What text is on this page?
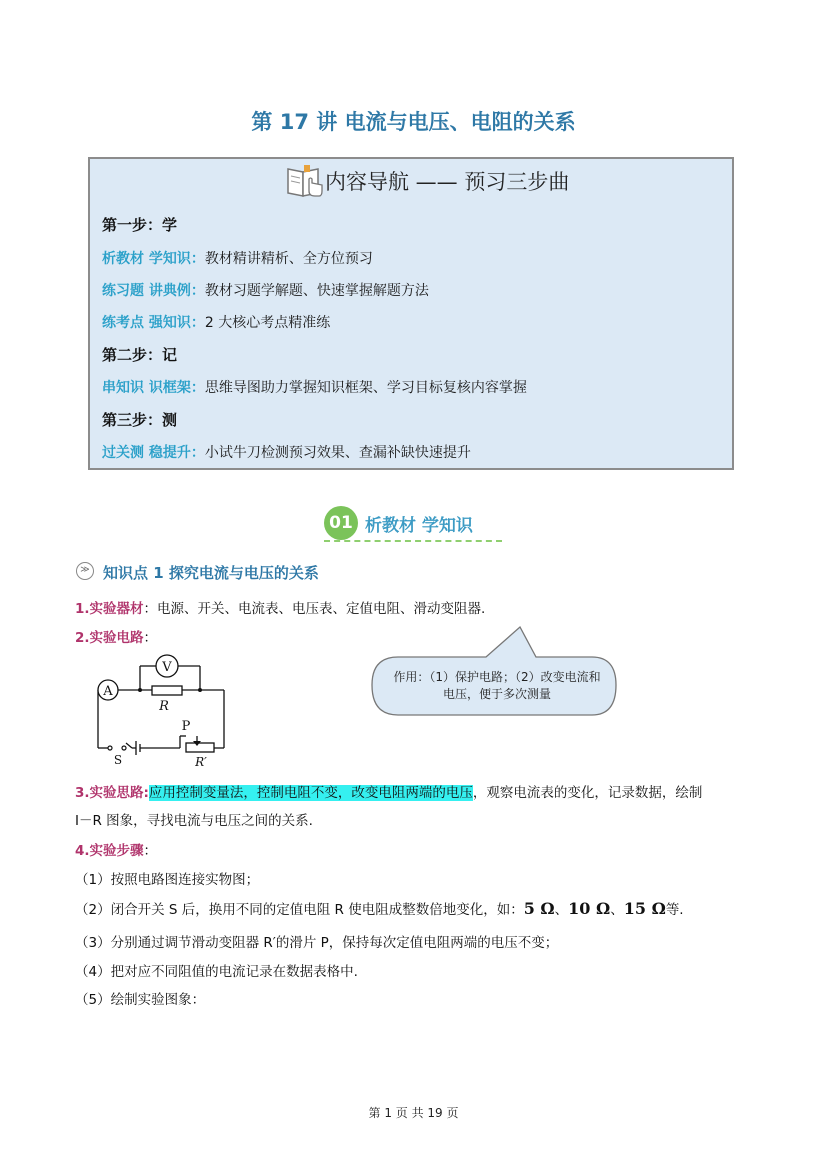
第 17 讲 电流与电压、电阻的关系
内容导航 —— 预习三步曲
第一步：学
析教材 学知识：教材精讲精析、全方位预习
练习题 讲典例：教材习题学解题、快速掌握解题方法
练考点 强知识：2 大核心考点精准练
第二步：记
串知识 识框架：思维导图助力掌握知识框架、学习目标复核内容掌握
第三步：测
过关测 稳提升：小试牛刀检测预习效果、查漏补缺快速提升
01 析教材 学知识
≫ 知识点 1 探究电流与电压的关系
1.实验器材：电源、开关、电流表、电压表、定值电阻、滑动变阻器.
2.实验电路：
A
V
R
P
R′
S
作用：（1）保护电路；（2）改变电流和电压，便于多次测量
3.实验思路:应用控制变量法，控制电阻不变，改变电阻两端的电压，观察电流表的变化，记录数据，绘制
I－R 图象，寻找电流与电压之间的关系.
4.实验步骤：
（1）按照电路图连接实物图；
（2）闭合开关 S 后，换用不同的定值电阻 R 使电阻成整数倍地变化，如：5 Ω、10 Ω、15 Ω等.
（3）分别通过调节滑动变阻器 R′的滑片 P，保持每次定值电阻两端的电压不变；
（4）把对应不同阻值的电流记录在数据表格中.
（5）绘制实验图象：
第 1 页 共 19 页
